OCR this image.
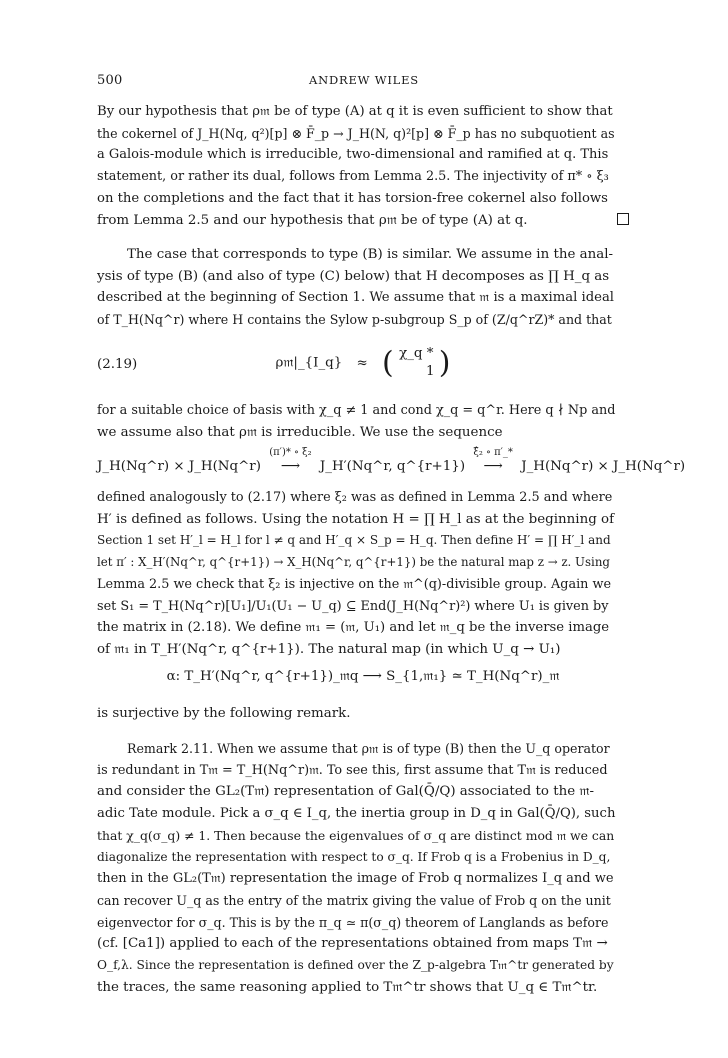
500	ANDREW WILES
By our hypothesis that ρ𝔪 be of type (A) at q it is even sufficient to show that
the cokernel of J_H(Nq, q²)[p] ⊗ F̄_p → J_H(N, q)²[p] ⊗ F̄_p has no subquotient as
a Galois-module which is irreducible, two-dimensional and ramified at q. This
statement, or rather its dual, follows from Lemma 2.5. The injectivity of π* ∘ ξ₃
on the completions and the fact that it has torsion-free cokernel also follows
from Lemma 2.5 and our hypothesis that ρ𝔪 be of type (A) at q.
The case that corresponds to type (B) is similar. We assume in the anal-
ysis of type (B) (and also of type (C) below) that H decomposes as ∏ H_q as
described at the beginning of Section 1. We assume that 𝔪 is a maximal ideal
of T_H(Nq^r) where H contains the Sylow p-subgroup S_p of (Z/q^rZ)* and that
(2.19)	ρ𝔪|_{I_q} ≈ ( χ_q *
1 )
for a suitable choice of basis with χ_q ≠ 1 and cond χ_q = q^r. Here q ∤ Np and
we assume also that ρ𝔪 is irreducible. We use the sequence
J_H(Nq^r) × J_H(Nq^r)
(π′)* ∘ ξ₂
⟶	J_H′(Nq^r, q^{r+1})
ξ̂₂ ∘ π′_*
⟶	J_H(Nq^r) × J_H(Nq^r)
defined analogously to (2.17) where ξ₂ was as defined in Lemma 2.5 and where
H′ is defined as follows. Using the notation H = ∏ H_l as at the beginning of
Section 1 set H′_l = H_l for l ≠ q and H′_q × S_p = H_q. Then define H′ = ∏ H′_l and
let π′ : X_H′(Nq^r, q^{r+1}) → X_H(Nq^r, q^{r+1}) be the natural map z → z. Using
Lemma 2.5 we check that ξ₂ is injective on the 𝔪^(q)-divisible group. Again we
set S₁ = T_H(Nq^r)[U₁]/U₁(U₁ − U_q) ⊆ End(J_H(Nq^r)²) where U₁ is given by
the matrix in (2.18). We define 𝔪₁ = (𝔪, U₁) and let 𝔪_q be the inverse image
of 𝔪₁ in T_H′(Nq^r, q^{r+1}). The natural map (in which U_q → U₁)
α: T_H′(Nq^r, q^{r+1})_𝔪q ⟶ S_{1,𝔪₁} ≃ T_H(Nq^r)_𝔪
is surjective by the following remark.
Remark 2.11. When we assume that ρ𝔪 is of type (B) then the U_q operator
is redundant in T𝔪 = T_H(Nq^r)𝔪. To see this, first assume that T𝔪 is reduced
and consider the GL₂(T𝔪) representation of Gal(Q̄/Q) associated to the 𝔪-
adic Tate module. Pick a σ_q ∈ I_q, the inertia group in D_q in Gal(Q̄/Q), such
that χ_q(σ_q) ≠ 1. Then because the eigenvalues of σ_q are distinct mod 𝔪 we can
diagonalize the representation with respect to σ_q. If Frob q is a Frobenius in D_q,
then in the GL₂(T𝔪) representation the image of Frob q normalizes I_q and we
can recover U_q as the entry of the matrix giving the value of Frob q on the unit
eigenvector for σ_q. This is by the π_q ≃ π(σ_q) theorem of Langlands as before
(cf. [Ca1]) applied to each of the representations obtained from maps T𝔪 →
O_f,λ. Since the representation is defined over the Z_p-algebra T𝔪^tr generated by
the traces, the same reasoning applied to T𝔪^tr shows that U_q ∈ T𝔪^tr.
